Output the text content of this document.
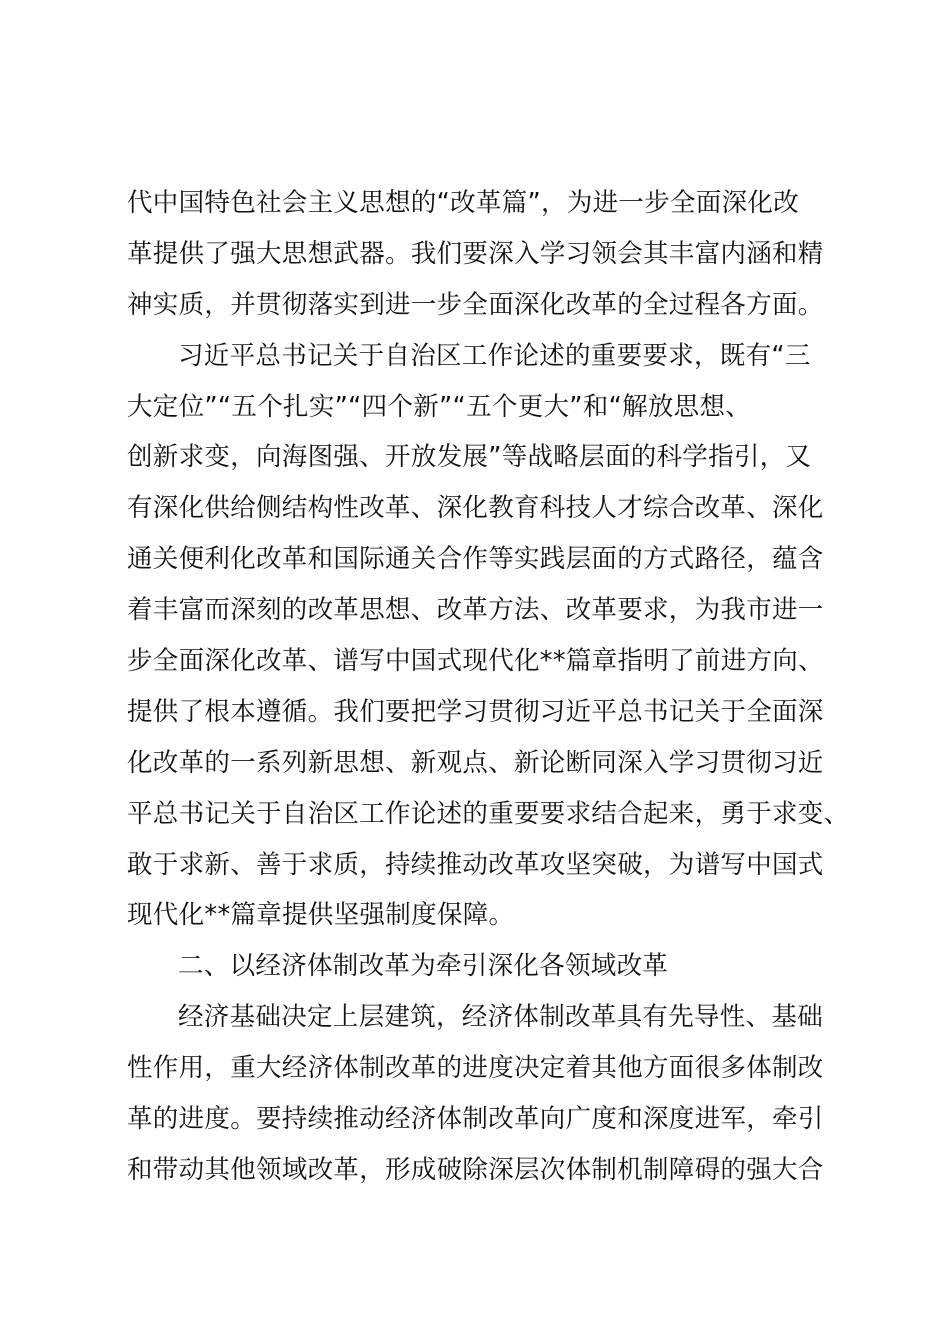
代中国特色社会主义思想的“改革篇”，为进一步全面深化改
革提供了强大思想武器。我们要深入学习领会其丰富内涵和精
神实质，并贯彻落实到进一步全面深化改革的全过程各方面。
习近平总书记关于自治区工作论述的重要要求，既有“三
大定位”“五个扎实”“四个新”“五个更大”和“解放思想、
创新求变，向海图强、开放发展”等战略层面的科学指引，又
有深化供给侧结构性改革、深化教育科技人才综合改革、深化
通关便利化改革和国际通关合作等实践层面的方式路径，蕴含
着丰富而深刻的改革思想、改革方法、改革要求，为我市进一
步全面深化改革、谱写中国式现代化**篇章指明了前进方向、
提供了根本遵循。我们要把学习贯彻习近平总书记关于全面深
化改革的一系列新思想、新观点、新论断同深入学习贯彻习近
平总书记关于自治区工作论述的重要要求结合起来，勇于求变、
敢于求新、善于求质，持续推动改革攻坚突破，为谱写中国式
现代化**篇章提供坚强制度保障。
二、以经济体制改革为牵引深化各领域改革
经济基础决定上层建筑，经济体制改革具有先导性、基础
性作用，重大经济体制改革的进度决定着其他方面很多体制改
革的进度。要持续推动经济体制改革向广度和深度进军，牵引
和带动其他领域改革，形成破除深层次体制机制障碍的强大合
